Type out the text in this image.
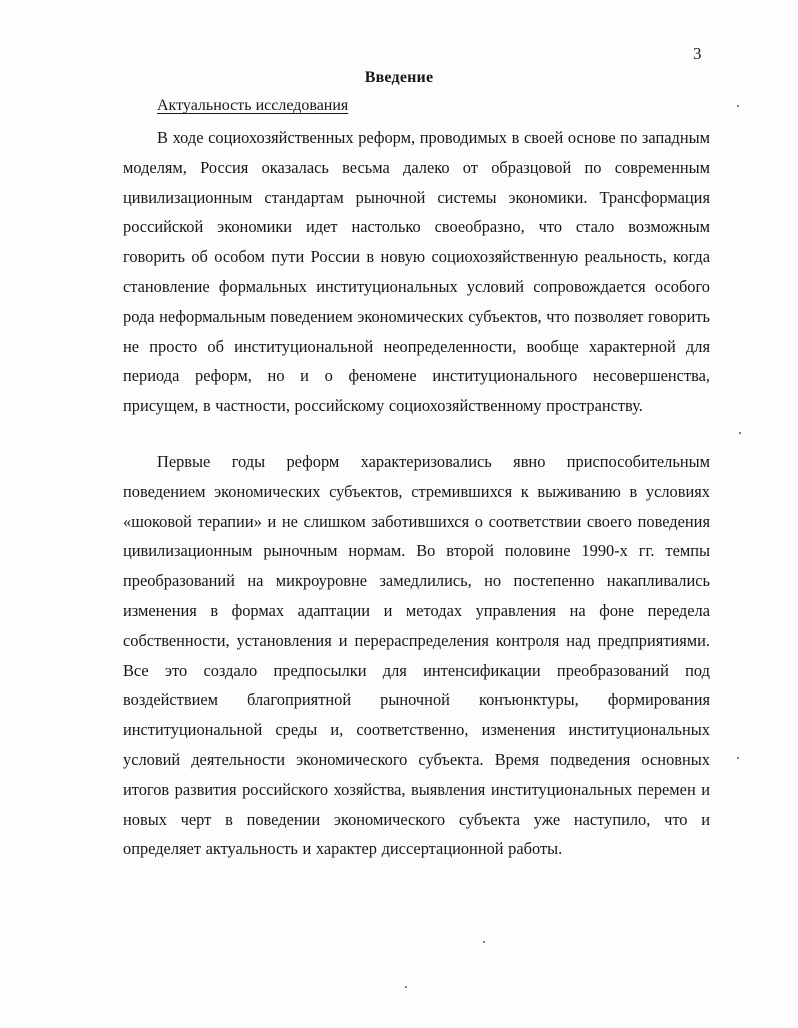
3
Введение
Актуальность исследования

В ходе социохозяйственных реформ, проводимых в своей основе по западным моделям, Россия оказалась весьма далеко от образцовой по современным цивилизационным стандартам рыночной системы экономики. Трансформация российской экономики идет настолько своеобразно, что стало возможным говорить об особом пути России в новую социохозяйственную реальность, когда становление формальных институциональных условий сопровождается особого рода неформальным поведением экономических субъектов, что позволяет говорить не просто об институциональной неопределенности, вообще характерной для периода реформ, но и о феномене институционального несовершенства, присущем, в частности, российскому социохозяйственному пространству.

Первые годы реформ характеризовались явно приспособительным поведением экономических субъектов, стремившихся к выживанию в условиях «шоковой терапии» и не слишком заботившихся о соответствии своего поведения цивилизационным рыночным нормам. Во второй половине 1990-х гг. темпы преобразований на микроуровне замедлились, но постепенно накапливались изменения в формах адаптации и методах управления на фоне передела собственности, установления и перераспределения контроля над предприятиями. Все это создало предпосылки для интенсификации преобразований под воздействием благоприятной рыночной конъюнктуры, формирования институциональной среды и, соответственно, изменения институциональных условий деятельности экономического субъекта. Время подведения основных итогов развития российского хозяйства, выявления институциональных перемен и новых черт в поведении экономического субъекта уже наступило, что и определяет актуальность и характер диссертационной работы.
